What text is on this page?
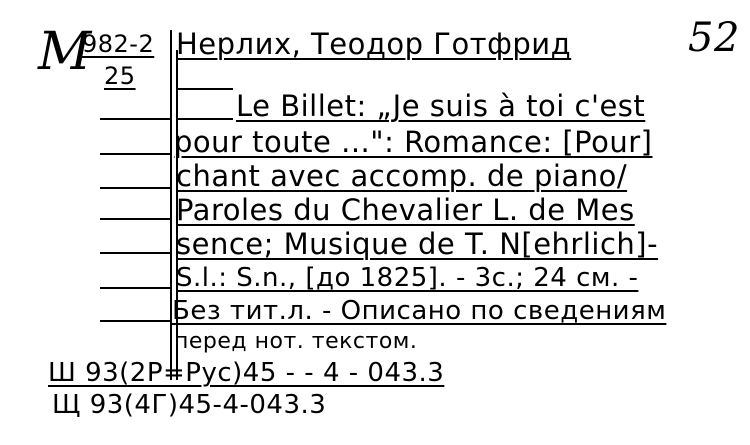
M
982-2
25
52
Нерлих, Теодор Готфрид
Le Billet: „Je suis à toi c'est
pour toute ...": Romance: [Pour]
chant avec accomp. de piano/
Paroles du Chevalier L. de Mes
sence; Musique de T. N[ehrlich]-
S.l.: S.n., [до 1825]. - 3c.; 24 см. -
Без тит.л. - Описано по сведениям
перед нот. текстом.
Ш 93(2Р=Рус)45 - - 4 - 043.3
Щ 93(4Г)45-4-043.3
